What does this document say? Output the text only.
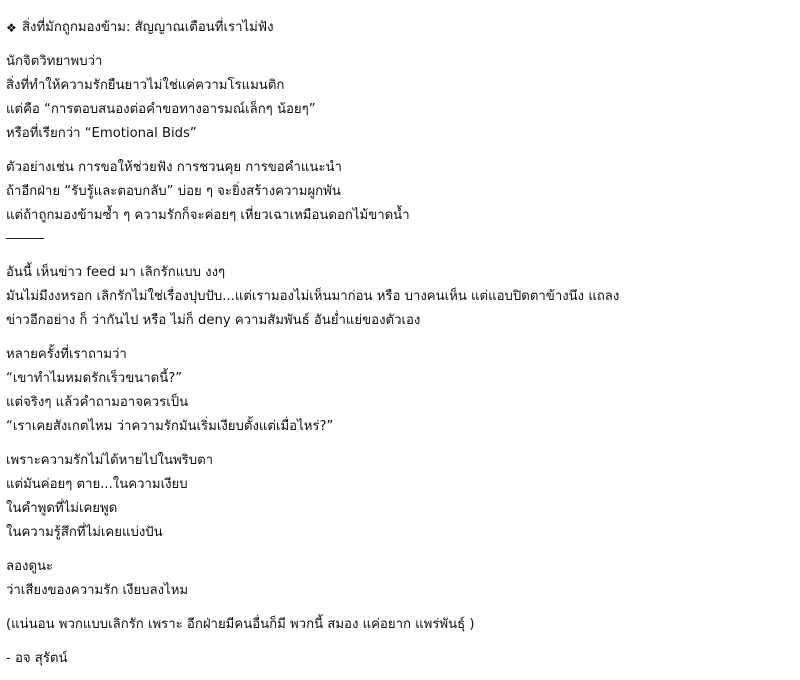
❖ สิ่งที่มักถูกมองข้าม: สัญญาณเตือนที่เราไม่ฟัง
นักจิตวิทยาพบว่า
สิ่งที่ทำให้ความรักยืนยาวไม่ใช่แค่ความโรแมนติก
แต่คือ “การตอบสนองต่อคำขอทางอารมณ์เล็กๆ น้อยๆ”
หรือที่เรียกว่า “Emotional Bids”
ตัวอย่างเช่น การขอให้ช่วยฟัง การชวนคุย การขอคำแนะนำ
ถ้าอีกฝ่าย “รับรู้และตอบกลับ” บ่อย ๆ จะยิ่งสร้างความผูกพัน
แต่ถ้าถูกมองข้ามซ้ำ ๆ ความรักก็จะค่อยๆ เหี่ยวเฉาเหมือนดอกไม้ขาดน้ำ
อันนี้ เห็นข่าว feed มา เลิกรักแบบ งงๆ
มันไม่มีงงหรอก เลิกรักไม่ใช่เรื่องปุบปับ...แต่เรามองไม่เห็นมาก่อน หรือ บางคนเห็น แต่แอบปิดตาข้างนึง แถลง
ข่าวอีกอย่าง ก็ ว่ากันไป หรือ ไม่ก็ deny ความสัมพันธ์ อันย่ำแย่ของตัวเอง
หลายครั้งที่เราถามว่า
“เขาทำไมหมดรักเร็วขนาดนี้?”
แต่จริงๆ แล้วคำถามอาจควรเป็น
“เราเคยสังเกตไหม ว่าความรักมันเริ่มเงียบตั้งแต่เมื่อไหร่?”
เพราะความรักไม่ได้หายไปในพริบตา
แต่มันค่อยๆ ตาย...ในความเงียบ
ในคำพูดที่ไม่เคยพูด
ในความรู้สึกที่ไม่เคยแบ่งปัน
ลองดูนะ
ว่าเสียงของความรัก เงียบลงไหม
(แน่นอน พวกแบบเลิกรัก เพราะ อีกฝ่ายมีคนอื่นก็มี พวกนี้ สมอง แค่อยาก แพร่พันธุ์ )
- อจ สุรัตน์
